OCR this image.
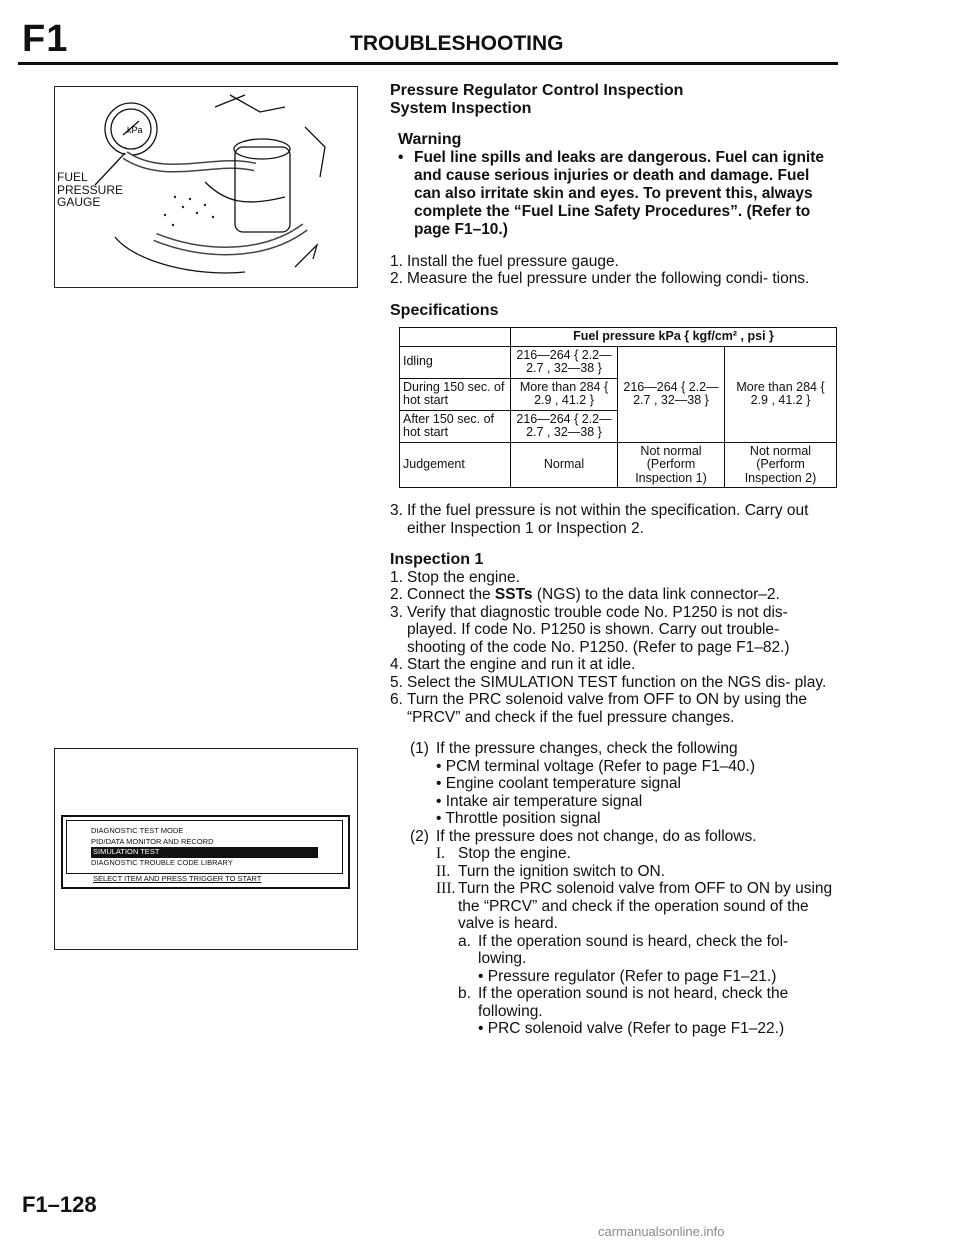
F1	TROUBLESHOOTING
kPa
FUEL
PRESSURE
GAUGE
DIAGNOSTIC TEST MODE
PID/DATA MONITOR AND RECORD
SIMULATION TEST
DIAGNOSTIC TROUBLE CODE LIBRARY
SELECT ITEM AND PRESS TRIGGER TO START
Pressure Regulator Control Inspection
System Inspection
Warning
• Fuel line spills and leaks are dangerous. Fuel can ignite and cause serious injuries or death and damage. Fuel can also irritate skin and eyes. To prevent this, always complete the “Fuel Line Safety Procedures”. (Refer to page F1–10.)
1. Install the fuel pressure gauge.
2. Measure the fuel pressure under the following condi- tions.
Specifications
	Fuel pressure kPa { kgf/cm² , psi }		
Idling	216—264 { 2.2—2.7 , 32—38 }	216—264 { 2.2—2.7 , 32—38 }	More than 284 { 2.9 , 41.2 }
During 150 sec. of hot start	More than 284 { 2.9 , 41.2 }		
After 150 sec. of hot start	216—264 { 2.2—2.7 , 32—38 }		
Judgement	Normal	Not normal (Perform Inspection 1)	Not normal (Perform Inspection 2)
3. If the fuel pressure is not within the specification. Carry out either Inspection 1 or Inspection 2.
Inspection 1
1. Stop the engine.
2. Connect the SSTs (NGS) to the data link connector–2.
3. Verify that diagnostic trouble code No. P1250 is not dis- played. If code No. P1250 is shown. Carry out trouble- shooting of the code No. P1250. (Refer to page F1–82.)
4. Start the engine and run it at idle.
5. Select the SIMULATION TEST function on the NGS dis- play.
6. Turn the PRC solenoid valve from OFF to ON by using the “PRCV” and check if the fuel pressure changes.
(1) If the pressure changes, check the following
• PCM terminal voltage (Refer to page F1–40.)
• Engine coolant temperature signal
• Intake air temperature signal
• Throttle position signal
(2) If the pressure does not change, do as follows.
I. Stop the engine.
II. Turn the ignition switch to ON.
III. Turn the PRC solenoid valve from OFF to ON by using the “PRCV” and check if the operation sound of the valve is heard.
a. If the operation sound is heard, check the fol- lowing.
• Pressure regulator (Refer to page F1–21.)
b. If the operation sound is not heard, check the following.
• PRC solenoid valve (Refer to page F1–22.)
F1–128
carmanualsonline.info
